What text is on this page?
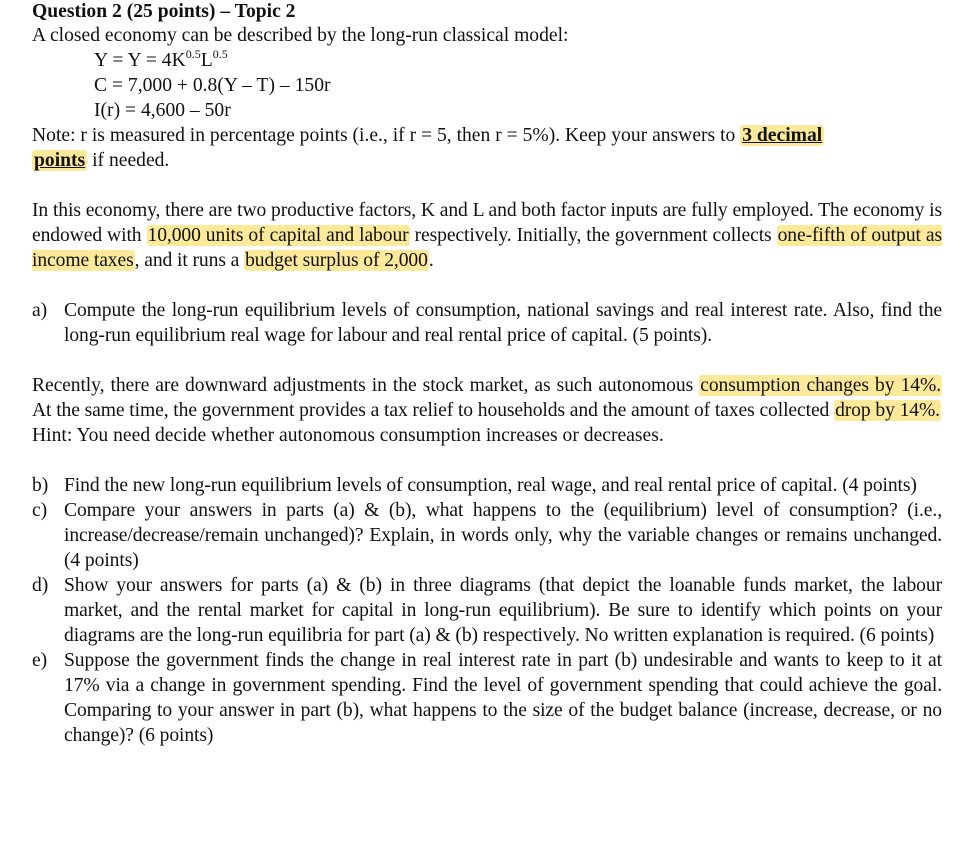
Question 2 (25 points) – Topic 2
A closed economy can be described by the long-run classical model:
$Y = Y = 4K^{0.5}L^{0.5}$
C = 7,000 + 0.8(Y – T) – 150r
I(r) = 4,600 – 50r
Note: r is measured in percentage points (i.e., if r = 5, then r = 5%). Keep your answers to 3 decimal
points if needed.
In this economy, there are two productive factors, K and L and both factor inputs are fully employed. The economy is endowed with 10,000 units of capital and labour respectively. Initially, the government collects one-fifth of output as income taxes, and it runs a budget surplus of 2,000.
a) Compute the long-run equilibrium levels of consumption, national savings and real interest rate. Also, find the long-run equilibrium real wage for labour and real rental price of capital. (5 points).
Recently, there are downward adjustments in the stock market, as such autonomous consumption changes by 14%. At the same time, the government provides a tax relief to households and the amount of taxes collected drop by 14%.
Hint: You need decide whether autonomous consumption increases or decreases.
b) Find the new long-run equilibrium levels of consumption, real wage, and real rental price of capital. (4 points)
c) Compare your answers in parts (a) & (b), what happens to the (equilibrium) level of consumption? (i.e., increase/decrease/remain unchanged)? Explain, in words only, why the variable changes or remains unchanged. (4 points)
d) Show your answers for parts (a) & (b) in three diagrams (that depict the loanable funds market, the labour market, and the rental market for capital in long-run equilibrium). Be sure to identify which points on your diagrams are the long-run equilibria for part (a) & (b) respectively. No written explanation is required. (6 points)
e) Suppose the government finds the change in real interest rate in part (b) undesirable and wants to keep to it at 17% via a change in government spending. Find the level of government spending that could achieve the goal. Comparing to your answer in part (b), what happens to the size of the budget balance (increase, decrease, or no change)? (6 points)
